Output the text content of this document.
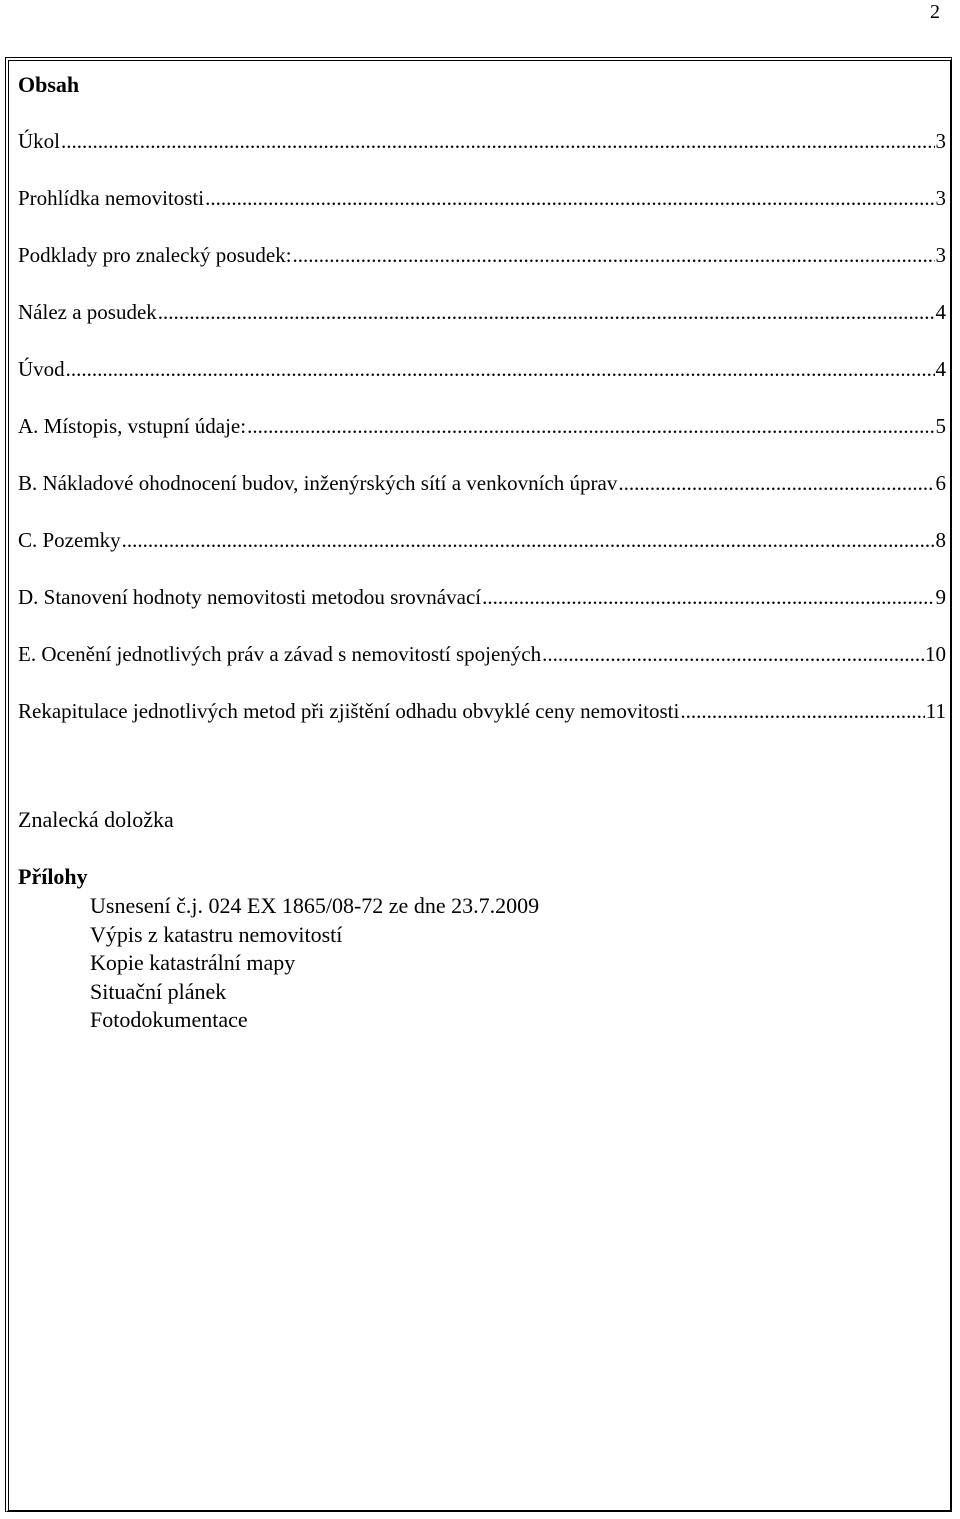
2
Obsah
Úkol .....	3
Prohlídka nemovitosti .....	3
Podklady pro znalecký posudek: .....	3
Nález a posudek .....	4
Úvod .....	4
A. Místopis, vstupní údaje: .....	5
B. Nákladové ohodnocení budov, inženýrských sítí a venkovních úprav .....	6
C. Pozemky .....	8
D. Stanovení hodnoty nemovitosti metodou srovnávací .....	9
E. Ocenění jednotlivých práv a závad s nemovitostí spojených .....	10
Rekapitulace jednotlivých metod při zjištění odhadu obvyklé ceny nemovitosti .....	11
Znalecká doložka
Přílohy
Usnesení č.j. 024 EX 1865/08-72 ze dne 23.7.2009
Výpis z katastru nemovitostí
Kopie katastrální mapy
Situační plánek
Fotodokumentace
